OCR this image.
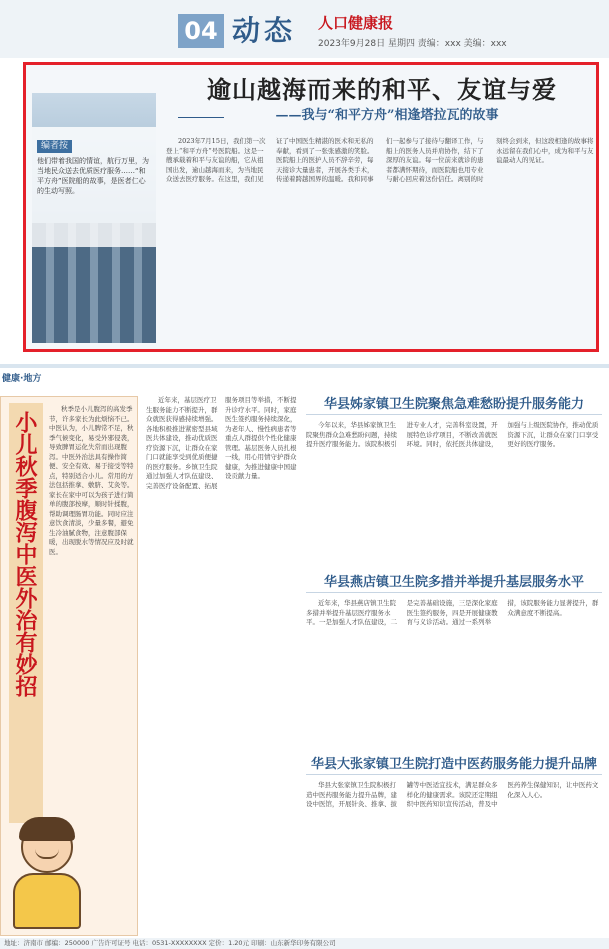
04 动态 人口健康报
2023年9月28日 星期四 责编：xxx 美编：xxx
编者按
他们带着我国的情谊，航行万里，为当地民众送去优质医疗服务……“和平方舟”医院船的故事，是医者仁心的生动写照。
逾山越海而来的和平、友谊与爱
——我与“和平方舟”相逢塔拉瓦的故事
2023年7月15日，我们第一次登上“和平方舟”号医院船。这是一艘承载着和平与友谊的船，它从祖国出发，逾山越海而来，为当地民众送去医疗服务。在这里，我们见证了中国医生精湛的医术和无私的奉献，看到了一张张感激的笑脸。医院船上的医护人员不辞辛劳，每天接诊大量患者，开展各类手术，传递着跨越国界的温暖。我和同事们一起参与了接待与翻译工作，与船上的医务人员并肩协作，结下了深厚的友谊。每一位前来就诊的患者都满怀期待，而医院船也用专业与耐心回应着这份信任。离别的时刻终会到来，但这段相逢的故事将永远留在我们心中，成为和平与友谊最动人的见证。
健康·地方
小儿秋季腹泻中医外治有妙招
秋季是小儿腹泻的高发季节，许多家长为此烦恼不已。中医认为，小儿脾常不足，秋季气候变化，易受外邪侵袭，导致脾胃运化失常而出现腹泻。中医外治法具有操作简便、安全有效、易于接受等特点，特别适合小儿。常用的方法包括推拿、敷脐、艾灸等。家长在家中可以为孩子进行简单的腹部按摩，顺时针揉腹，帮助调理肠胃功能。同时应注意饮食清淡，少量多餐，避免生冷油腻食物，注意腹部保暖，出现脱水等情况应及时就医。
近年来，基层医疗卫生服务能力不断提升，群众就医获得感持续增强。各地积极推进紧密型县域医共体建设，推动优质医疗资源下沉，让群众在家门口就能享受到优质便捷的医疗服务。乡镇卫生院通过加强人才队伍建设、完善医疗设备配置、拓展服务项目等举措，不断提升诊疗水平。同时，家庭医生签约服务持续深化，为老年人、慢性病患者等重点人群提供个性化健康管理。基层医务人员扎根一线，用心用情守护群众健康，为推进健康中国建设贡献力量。
华县姊家镇卫生院聚焦急难愁盼提升服务能力
今年以来，华县姊家镇卫生院聚焦群众急难愁盼问题，持续提升医疗服务能力。该院积极引进专业人才，完善科室设置，开展特色诊疗项目，不断改善就医环境。同时，依托医共体建设，加强与上级医院协作，推动优质资源下沉，让群众在家门口享受更好的医疗服务。
华县燕店镇卫生院多措并举提升基层服务水平
近年来，华县燕店镇卫生院多措并举提升基层医疗服务水平。一是加强人才队伍建设，二是完善基础设施，三是深化家庭医生签约服务，四是开展健康教育与义诊活动。通过一系列举措，该院服务能力显著提升，群众满意度不断提高。
华县大张家镇卫生院打造中医药服务能力提升品牌
华县大张家镇卫生院积极打造中医药服务能力提升品牌，建设中医馆，开展针灸、推拿、拔罐等中医适宜技术，满足群众多样化的健康需求。该院还定期组织中医药知识宣传活动，普及中医药养生保健知识，让中医药文化深入人心。
地址：济南市 邮编：250000 广告许可证号 电话：0531-XXXXXXXX 定价：1.20元 印刷：山东新华印务有限公司
